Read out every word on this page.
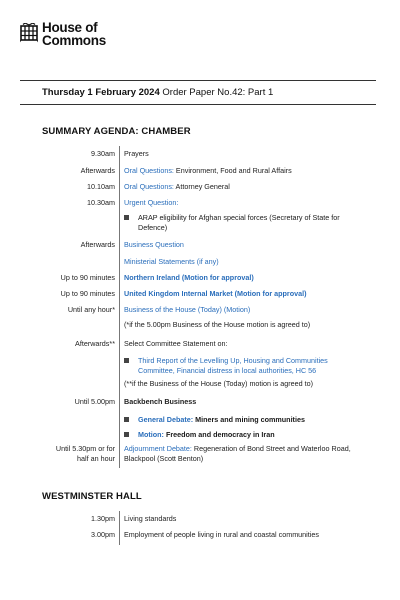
House of
Commons
Thursday 1 February 2024 Order Paper No.42: Part 1
SUMMARY AGENDA: CHAMBER
9.30am Prayers
Afterwards Oral Questions: Environment, Food and Rural Affairs
10.10am Oral Questions: Attorney General
10.30am Urgent Question:
ARAP eligibility for Afghan special forces (Secretary of State for Defence)
Afterwards Business Question
Ministerial Statements (if any)
Up to 90 minutes Northern Ireland (Motion for approval)
Up to 90 minutes United Kingdom Internal Market (Motion for approval)
Until any hour* Business of the House (Today) (Motion)
(*if the 5.00pm Business of the House motion is agreed to)
Afterwards** Select Committee Statement on:
Third Report of the Levelling Up, Housing and Communities Committee, Financial distress in local authorities, HC 56
(**if the Business of the House (Today) motion is agreed to)
Until 5.00pm Backbench Business
General Debate: Miners and mining communities
Motion: Freedom and democracy in Iran
Until 5.30pm or for
half an hour
Adjournment Debate: Regeneration of Bond Street and Waterloo Road, Blackpool (Scott Benton)
WESTMINSTER HALL
1.30pm Living standards
3.00pm Employment of people living in rural and coastal communities
